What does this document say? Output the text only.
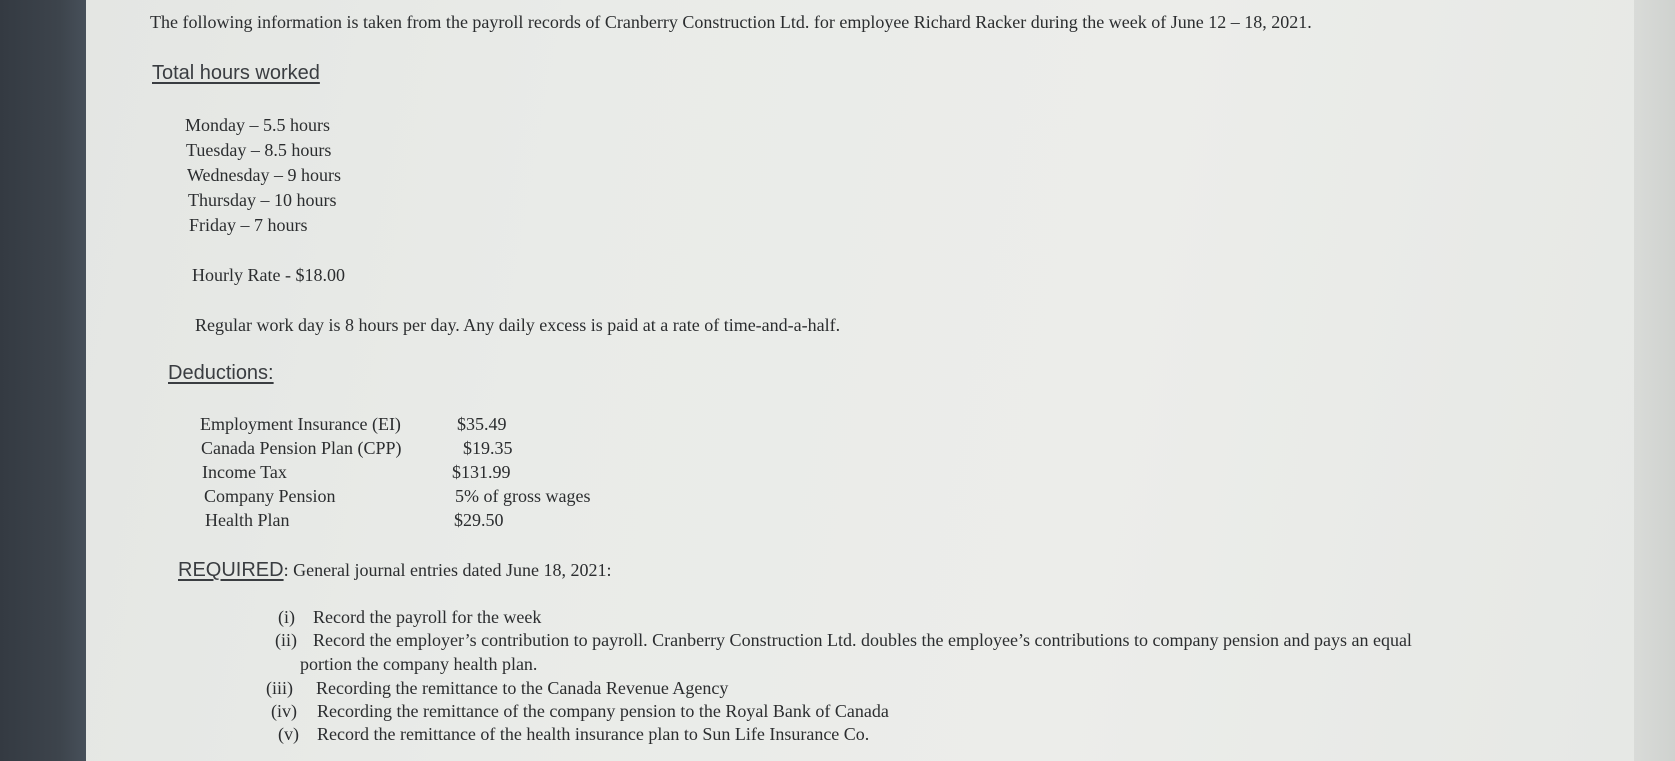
The following information is taken from the payroll records of Cranberry Construction Ltd. for employee Richard Racker during the week of June 12 – 18, 2021.
Total hours worked
Monday – 5.5 hours
Tuesday – 8.5 hours
Wednesday – 9 hours
Thursday – 10 hours
Friday – 7 hours
Hourly Rate - $18.00
Regular work day is 8 hours per day. Any daily excess is paid at a rate of time-and-a-half.
Deductions:
Employment Insurance (EI)	$35.49
Canada Pension Plan (CPP)	$19.35
Income Tax	$131.99
Company Pension	5% of gross wages
Health Plan	$29.50
REQUIRED: General journal entries dated June 18, 2021:
(i) Record the payroll for the week
(ii) Record the employer’s contribution to payroll. Cranberry Construction Ltd. doubles the employee’s contributions to company pension and pays an equal
portion the company health plan.
(iii) Recording the remittance to the Canada Revenue Agency
(iv) Recording the remittance of the company pension to the Royal Bank of Canada
(v) Record the remittance of the health insurance plan to Sun Life Insurance Co.
